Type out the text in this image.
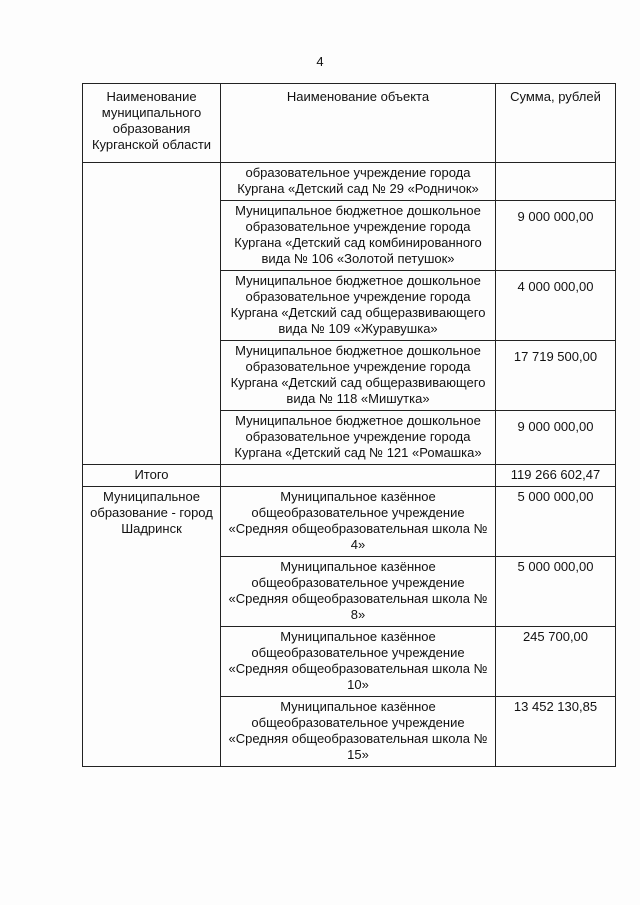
4
Наименование муниципального образования Курганской области	Наименование объекта	Сумма, рублей
	образовательное учреждение города Кургана «Детский сад № 29 «Родничок»	
	Муниципальное бюджетное дошкольное образовательное учреждение города Кургана «Детский сад комбинированного вида № 106 «Золотой петушок»	9 000 000,00
	Муниципальное бюджетное дошкольное образовательное учреждение города Кургана «Детский сад общеразвивающего вида № 109 «Журавушка»	4 000 000,00
	Муниципальное бюджетное дошкольное образовательное учреждение города Кургана «Детский сад общеразвивающего вида № 118 «Мишутка»	17 719 500,00
	Муниципальное бюджетное дошкольное образовательное учреждение города Кургана «Детский сад № 121 «Ромашка»	9 000 000,00
Итого		119 266 602,47
Муниципальное образование - город Шадринск	Муниципальное казённое общеобразовательное учреждение «Средняя общеобразовательная школа № 4»	5 000 000,00
	Муниципальное казённое общеобразовательное учреждение «Средняя общеобразовательная школа № 8»	5 000 000,00
	Муниципальное казённое общеобразовательное учреждение «Средняя общеобразовательная школа № 10»	245 700,00
	Муниципальное казённое общеобразовательное учреждение «Средняя общеобразовательная школа № 15»	13 452 130,85
